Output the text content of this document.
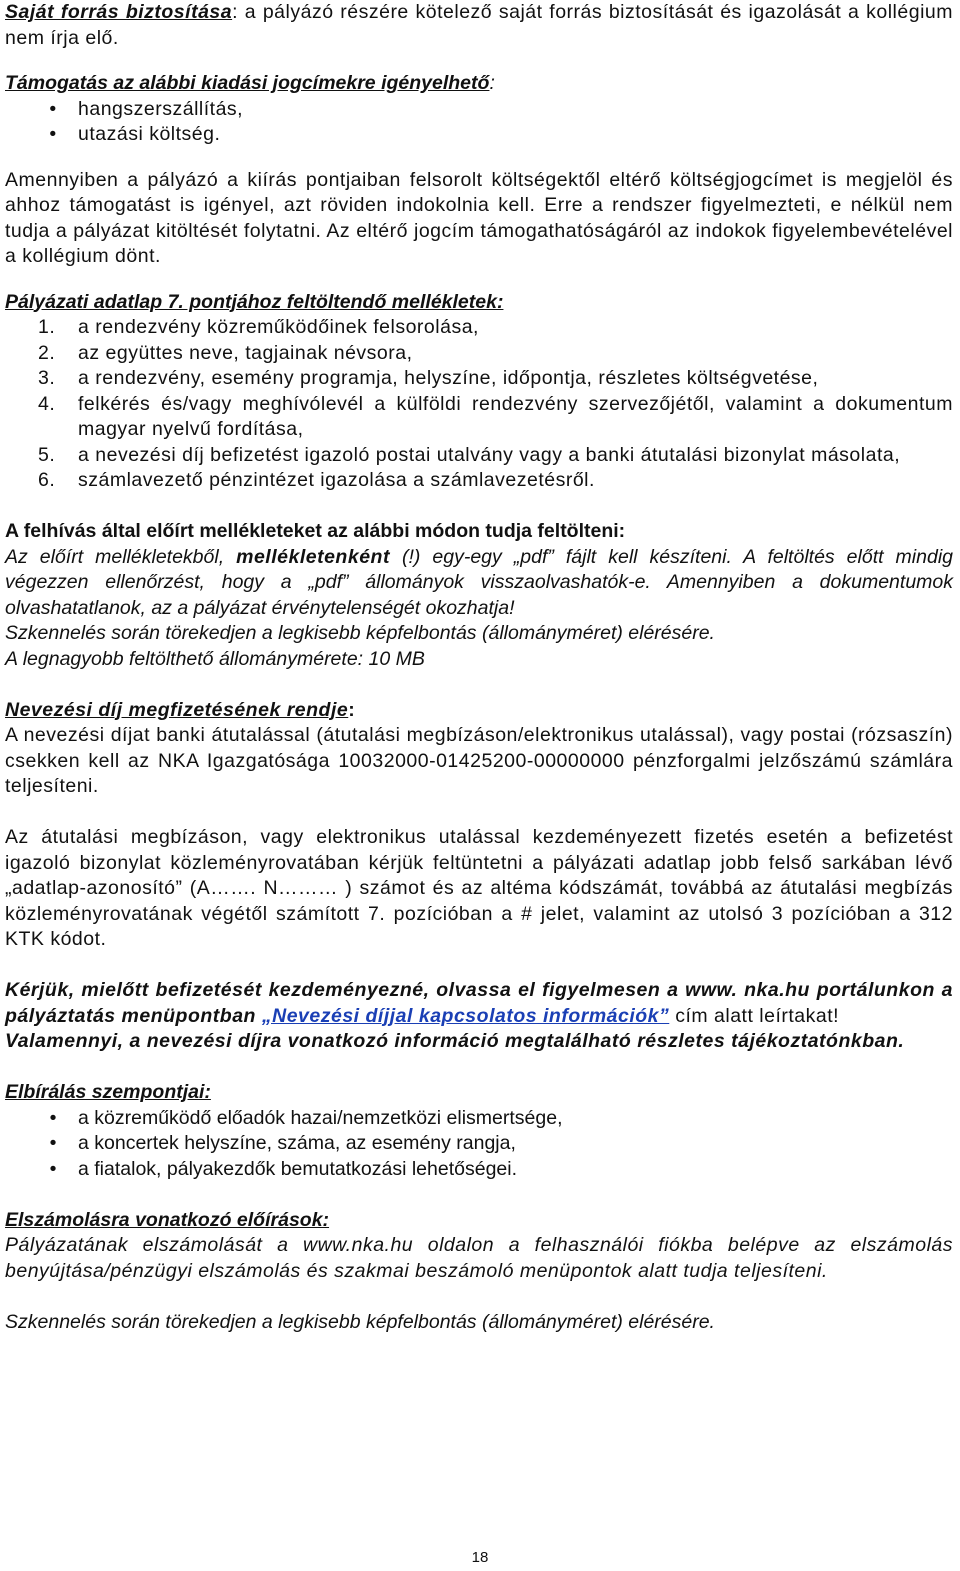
Saját forrás biztosítása: a pályázó részére kötelező saját forrás biztosítását és igazolását a kollégium nem írja elő.

Támogatás az alábbi kiadási jogcímekre igényelhető:

•	hangszerszállítás,
•	utazási költség.

Amennyiben a pályázó a kiírás pontjaiban felsorolt költségektől eltérő költségjogcímet is megjelöl és ahhoz támogatást is igényel, azt röviden indokolnia kell. Erre a rendszer figyelmezteti, e nélkül nem tudja a pályázat kitöltését folytatni. Az eltérő jogcím támogathatóságáról az indokok figyelembevételével a kollégium dönt.

Pályázati adatlap 7. pontjához feltöltendő mellékletek:

1. a rendezvény közreműködőinek felsorolása,
2. az együttes neve, tagjainak névsora,
3. a rendezvény, esemény programja, helyszíne, időpontja, részletes költségvetése,
4. felkérés és/vagy meghívólevél a külföldi rendezvény szervezőjétől, valamint a dokumentum magyar nyelvű fordítása,
5. a nevezési díj befizetést igazoló postai utalvány vagy a banki átutalási bizonylat másolata,
6. számlavezető pénzintézet igazolása a számlavezetésről.

A felhívás által előírt mellékleteket az alábbi módon tudja feltölteni:

Az előírt mellékletekből, mellékletenként (!) egy-egy „pdf” fájlt kell készíteni. A feltöltés előtt mindig végezzen ellenőrzést, hogy a „pdf” állományok visszaolvashatók-e. Amennyiben a dokumentumok olvashatatlanok, az a pályázat érvénytelenségét okozhatja!

Szkennelés során törekedjen a legkisebb képfelbontás (állományméret) elérésére.

A legnagyobb feltölthető állománymérete: 10 MB

Nevezési díj megfizetésének rendje:

A nevezési díjat banki átutalással (átutalási megbízáson/elektronikus utalással), vagy postai (rózsaszín) csekken kell az NKA Igazgatósága 10032000-01425200-00000000 pénzforgalmi jelzőszámú számlára teljesíteni.

Az átutalási megbízáson, vagy elektronikus utalással kezdeményezett fizetés esetén a befizetést igazoló bizonylat közleményrovatában kérjük feltüntetni a pályázati adatlap jobb felső sarkában lévő „adatlap-azonosító” (A……. N……… ) számot és az altéma kódszámát, továbbá az átutalási megbízás közleményrovatának végétől számított 7. pozícióban a # jelet, valamint az utolsó 3 pozícióban a 312 KTK kódot.

Kérjük, mielőtt befizetését kezdeményezné, olvassa el figyelmesen a www. nka.hu portálunkon a pályáztatás menüpontban „Nevezési díjjal kapcsolatos információk” cím alatt leírtakat!

Valamennyi, a nevezési díjra vonatkozó információ megtalálható részletes tájékoztatónkban.

Elbírálás szempontjai:

•	a közreműködő előadók hazai/nemzetközi elismertsége,
•	a koncertek helyszíne, száma, az esemény rangja,
•	a fiatalok, pályakezdők bemutatkozási lehetőségei.

Elszámolásra vonatkozó előírások:

Pályázatának elszámolását a www.nka.hu oldalon a felhasználói fiókba belépve az elszámolás benyújtása/pénzügyi elszámolás és szakmai beszámoló menüpontok alatt tudja teljesíteni.

Szkennelés során törekedjen a legkisebb képfelbontás (állományméret) elérésére.

18
